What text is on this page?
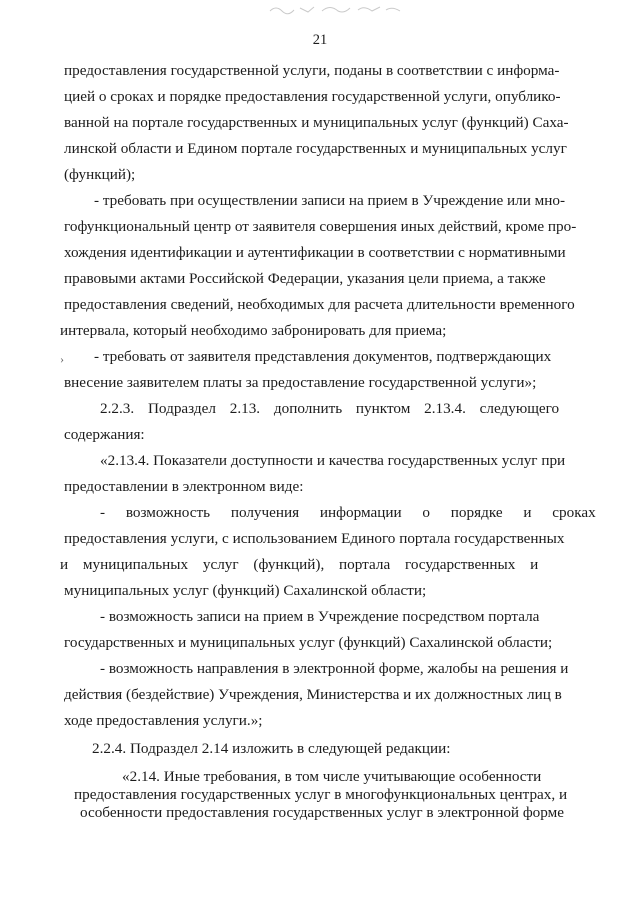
21
›
предоставления государственной услуги, поданы в соответствии с информа-
цией о сроках и порядке предоставления государственной услуги, опублико-
ванной на портале государственных и муниципальных услуг (функций) Саха-
линской области и Едином портале государственных и муниципальных услуг
(функций);
- требовать при осуществлении записи на прием в Учреждение или мно-
гофункциональный центр от заявителя совершения иных действий, кроме про-
хождения идентификации и аутентификации в соответствии с нормативными
правовыми актами Российской Федерации, указания цели приема, а также
предоставления сведений, необходимых для расчета длительности временного
интервала, который необходимо забронировать для приема;
- требовать от заявителя представления документов, подтверждающих
внесение заявителем платы за предоставление государственной услуги»;
2.2.3. Подраздел 2.13. дополнить пунктом 2.13.4. следующего
содержания:
«2.13.4. Показатели доступности и качества государственных услуг при
предоставлении в электронном виде:
- возможность получения информации о порядке и сроках
предоставления услуги, с использованием Единого портала государственных
и муниципальных услуг (функций), портала государственных и
муниципальных услуг (функций) Сахалинской области;
- возможность записи на прием в Учреждение посредством портала
государственных и муниципальных услуг (функций) Сахалинской области;
- возможность направления в электронной форме, жалобы на решения и
действия (бездействие) Учреждения, Министерства и их должностных лиц в
ходе предоставления услуги.»;
2.2.4. Подраздел 2.14 изложить в следующей редакции:
«2.14. Иные требования, в том числе учитывающие особенности
предоставления государственных услуг в многофункциональных центрах, и
особенности предоставления государственных услуг в электронной форме
